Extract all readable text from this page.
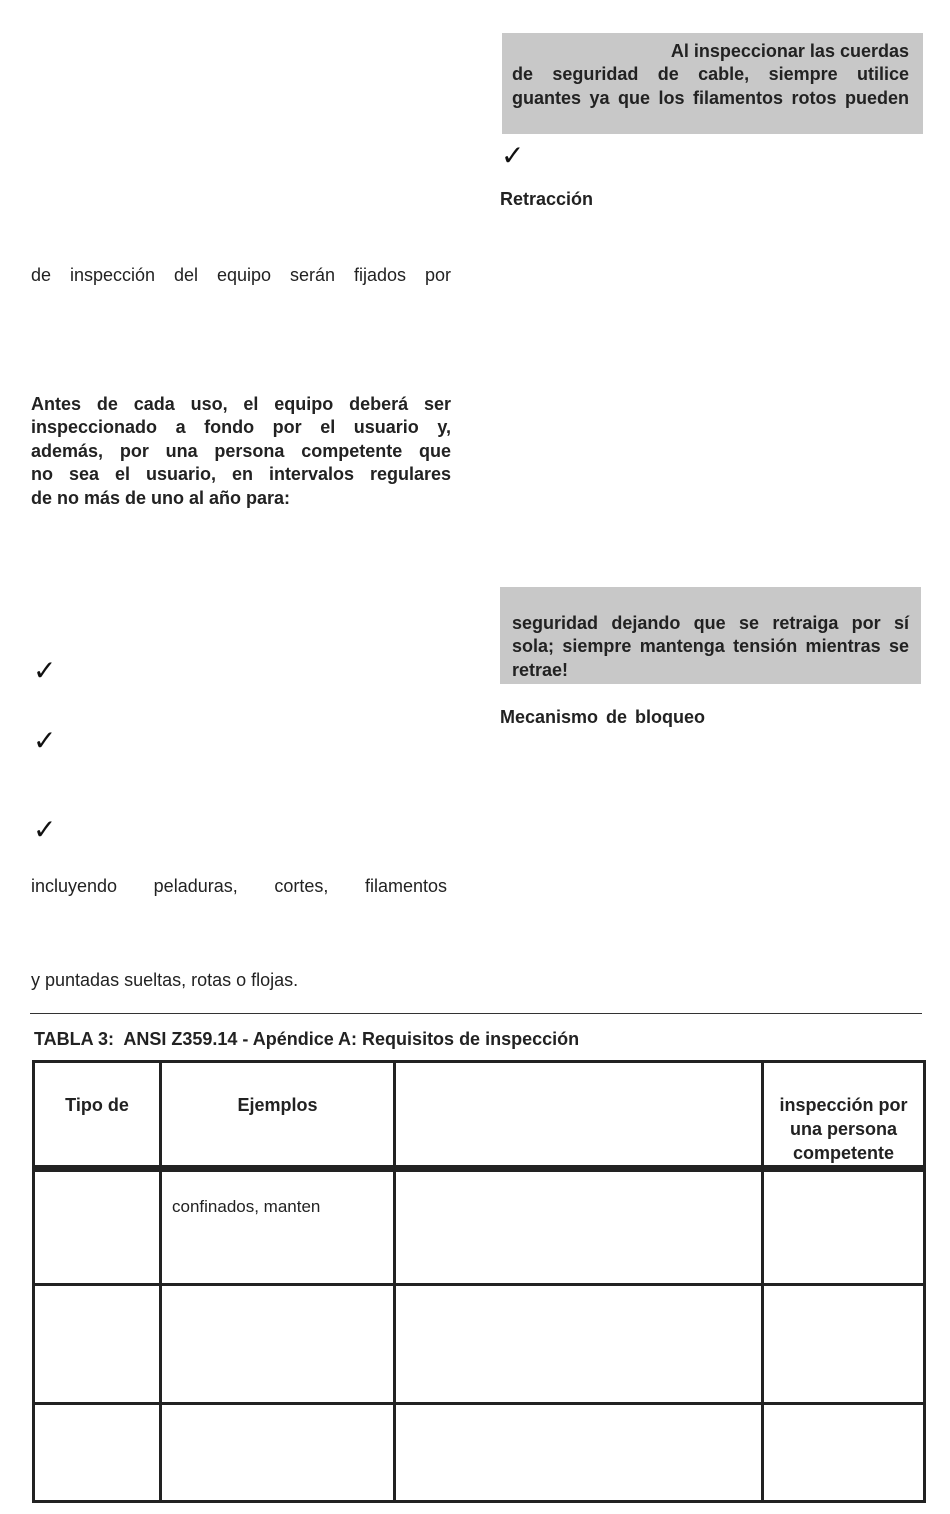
Al inspeccionar las cuerdas
de seguridad de cable, siempre utilice
guantes ya que los filamentos rotos pueden
✓
Retracción
seguridad dejando que se retraiga por sí
sola; siempre mantenga tensión mientras se
retrae!
Mecanismo de bloqueo
de inspección del equipo serán fijados por
Antes de cada uso, el equipo deberá ser
inspeccionado a fondo por el usuario y,
además, por una persona competente que
no sea el usuario, en intervalos regulares
de no más de uno al año para:
✓
✓
✓
incluyendo peladuras, cortes, filamentos
y puntadas sueltas, rotas o flojas.
TABLA 3:  ANSI Z359.14 - Apéndice A: Requisitos de inspección
Tipo de	Ejemplos		inspección por una persona competente

	confinados, manten		
